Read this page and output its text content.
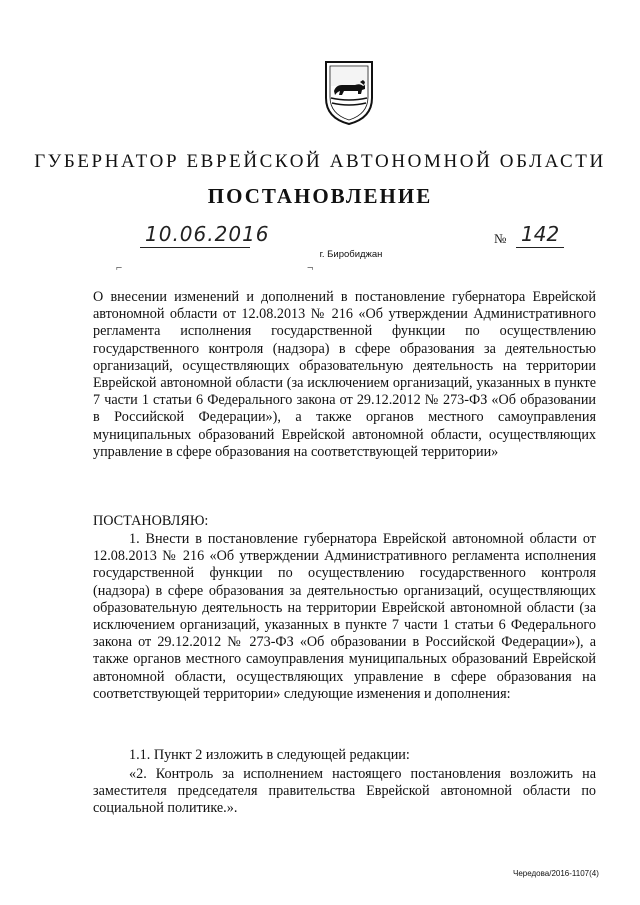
ГУБЕРНАТОР ЕВРЕЙСКОЙ АВТОНОМНОЙ ОБЛАСТИ
ПОСТАНОВЛЕНИЕ
10.06.2016	№ 142
г. Биробиджан
⌐	¬
О внесении изменений и дополнений в постановление губернатора Еврейской автономной области от 12.08.2013 № 216 «Об утверждении Административного регламента исполнения государственной функции по осуществлению государственного контроля (надзора) в сфере образования за деятельностью организаций, осуществляющих образовательную деятельность на территории Еврейской автономной области (за исключением организаций, указанных в пункте 7 части 1 статьи 6 Федерального закона от 29.12.2012 № 273-ФЗ «Об образовании в Российской Федерации»), а также органов местного самоуправления муниципальных образований Еврейской автономной области, осуществляющих управление в сфере образования на соответствующей территории»
ПОСТАНОВЛЯЮ:
1. Внести в постановление губернатора Еврейской автономной области от 12.08.2013 № 216 «Об утверждении Административного регламента исполнения государственной функции по осуществлению государственного контроля (надзора) в сфере образования за деятельностью организаций, осуществляющих образовательную деятельность на территории Еврейской автономной области (за исключением организаций, указанных в пункте 7 части 1 статьи 6 Федерального закона от 29.12.2012 № 273-ФЗ «Об образовании в Российской Федерации»), а также органов местного самоуправления муниципальных образований Еврейской автономной области, осуществляющих управление в сфере образования на соответствующей территории» следующие изменения и дополнения:
1.1. Пункт 2 изложить в следующей редакции:
«2. Контроль за исполнением настоящего постановления возложить на заместителя председателя правительства Еврейской автономной области по социальной политике.».
Чередова/2016-1107(4)
